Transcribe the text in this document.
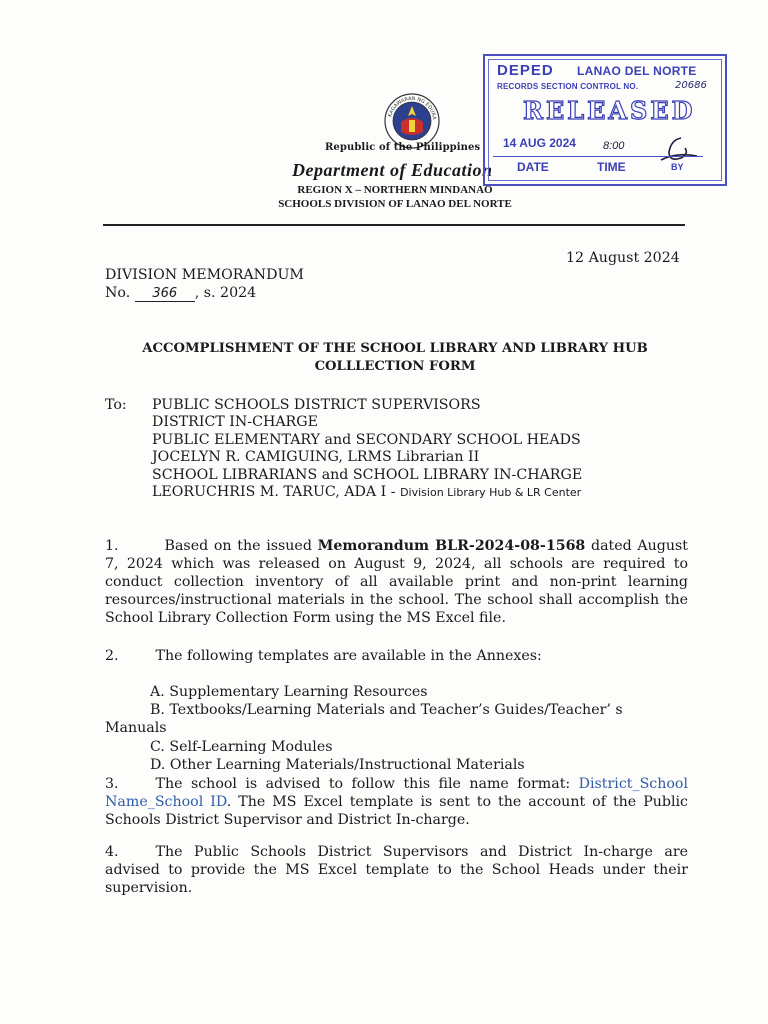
KAGAWARAN NG EDUKA
Republic of the Philippines
Department of Education
REGION X – NORTHERN MINDANAO
SCHOOLS DIVISION OF LANAO DEL NORTE
DEPED LANAO DEL NORTE
RECORDS SECTION CONTROL NO.	20686
RELEASED
14 AUG 2024 8:00
DATE	TIME	BY
12 August 2024
DIVISION MEMORANDUM
No. 366 , s. 2024
ACCOMPLISHMENT OF THE SCHOOL LIBRARY AND LIBRARY HUB COLLLECTION FORM
To: PUBLIC SCHOOLS DISTRICT SUPERVISORS
DISTRICT IN-CHARGE
PUBLIC ELEMENTARY and SECONDARY SCHOOL HEADS
JOCELYN R. CAMIGUING, LRMS Librarian II
SCHOOL LIBRARIANS and SCHOOL LIBRARY IN-CHARGE
LEORUCHRIS M. TARUC, ADA I - Division Library Hub & LR Center
1.	Based on the issued Memorandum BLR-2024-08-1568 dated August 7, 2024 which was released on August 9, 2024, all schools are required to conduct collection inventory of all available print and non-print learning resources/instructional materials in the school. The school shall accomplish the School Library Collection Form using the MS Excel file.
2.	The following templates are available in the Annexes:
A. Supplementary Learning Resources
B. Textbooks/Learning Materials and Teacher’s Guides/Teacher’ s
Manuals
C. Self-Learning Modules
D. Other Learning Materials/Instructional Materials
3.	The school is advised to follow this file name format: District_School Name_School ID. The MS Excel template is sent to the account of the Public Schools District Supervisor and District In-charge.
4.	The Public Schools District Supervisors and District In-charge are advised to provide the MS Excel template to the School Heads under their supervision.
